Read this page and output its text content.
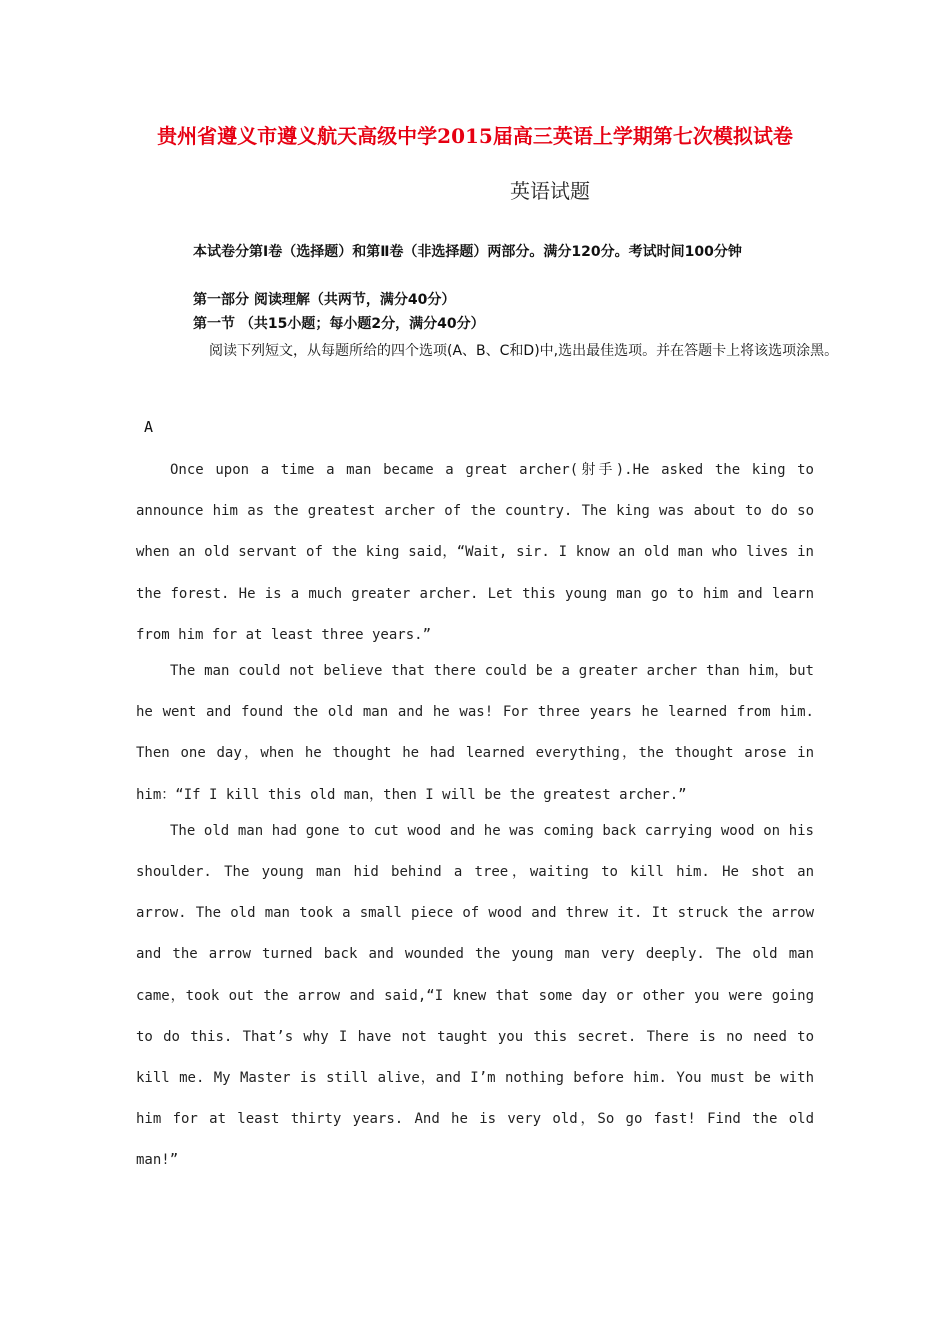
贵州省遵义市遵义航天高级中学2015届高三英语上学期第七次模拟试卷
英语试题

本试卷分第Ⅰ卷（选择题）和第Ⅱ卷（非选择题）两部分。满分120分。考试时间100分钟

第一部分 阅读理解（共两节，满分40分）

第一节 （共15小题；每小题2分，满分40分）

阅读下列短文，从每题所给的四个选项(A、B、C和D)中,选出最佳选项。并在答题卡上将该选项涂黑。

A

Once upon a time a man became a great archer(射手).He asked the king to announce him as the greatest archer of the country. The king was about to do so when an old servant of the king said，“Wait, sir. I know an old man who lives in the forest. He is a much greater archer. Let this young man go to him and learn from him for at least three years.”

The man could not believe that there could be a greater archer than him，but he went and found the old man and he was! For three years he learned from him. Then one day，when he thought he had learned everything，the thought arose in him：“If I kill this old man，then I will be the greatest archer.”

The old man had gone to cut wood and he was coming back carrying wood on his shoulder. The young man hid behind a tree，waiting to kill him. He shot an arrow. The old man took a small piece of wood and threw it. It struck the arrow and the arrow turned back and wounded the young man very deeply. The old man came，took out the arrow and said,“I knew that some day or other you were going to do this. That’s why I have not taught you this secret. There is no need to kill me. My Master is still alive，and I’m nothing before him. You must be with him for at least thirty years. And he is very old，So go fast! Find the old man!”
